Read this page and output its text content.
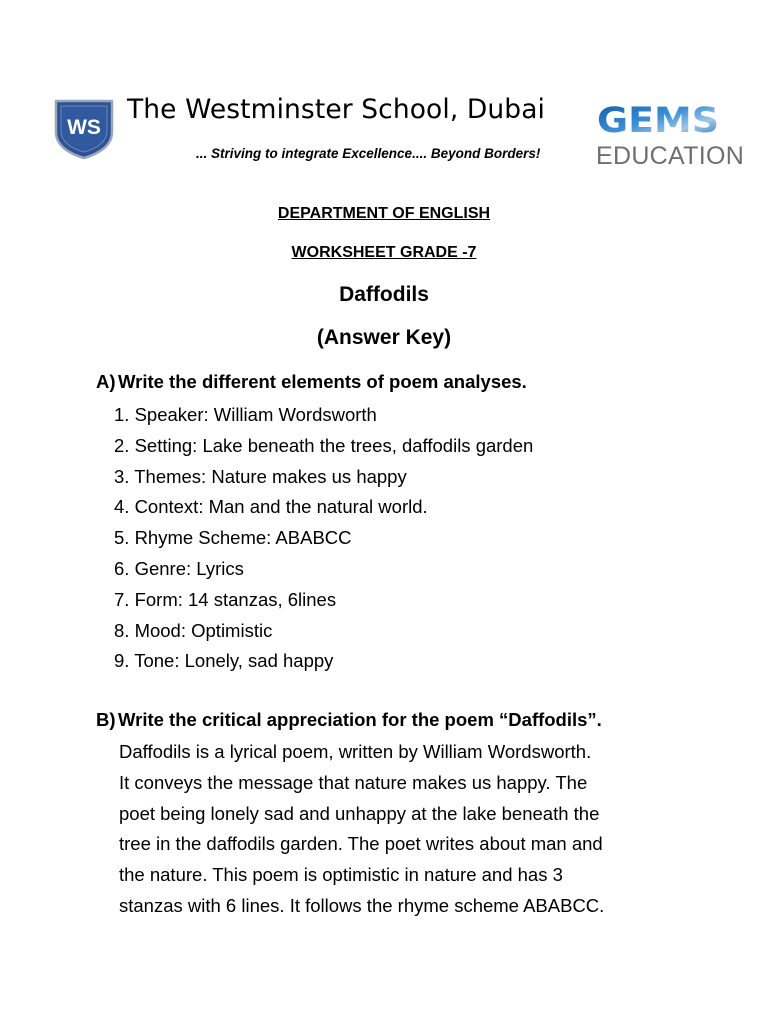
WS
The Westminster School, Dubai
... Striving to integrate Excellence.... Beyond Borders!
GEMS
EDUCATION
DEPARTMENT OF ENGLISH
WORKSHEET GRADE -7
Daffodils
(Answer Key)
A) Write the different elements of poem analyses.
1. Speaker: William Wordsworth
2. Setting: Lake beneath the trees, daffodils garden
3. Themes: Nature makes us happy
4. Context: Man and the natural world.
5. Rhyme Scheme: ABABCC
6. Genre: Lyrics
7. Form: 14 stanzas, 6lines
8. Mood: Optimistic
9. Tone: Lonely, sad happy
B) Write the critical appreciation for the poem “Daffodils”.
Daffodils is a lyrical poem, written by William Wordsworth.
It conveys the message that nature makes us happy. The
poet being lonely sad and unhappy at the lake beneath the
tree in the daffodils garden. The poet writes about man and
the nature. This poem is optimistic in nature and has 3
stanzas with 6 lines. It follows the rhyme scheme ABABCC.
